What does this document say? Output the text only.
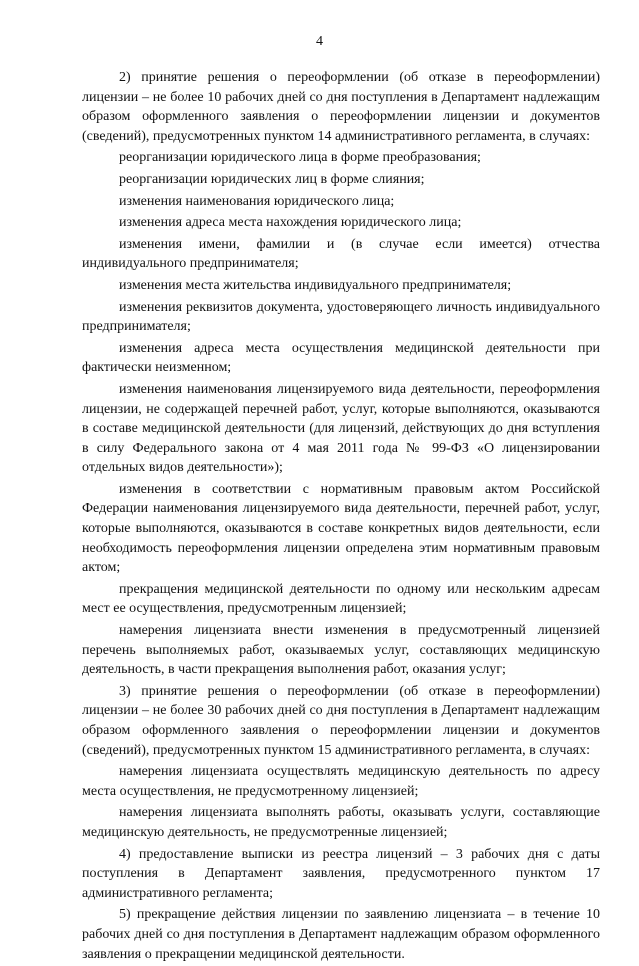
4

2) принятие решения о переоформлении (об отказе в переоформлении) лицензии – не более 10 рабочих дней со дня поступления в Департамент надлежащим образом оформленного заявления о переоформлении лицензии и документов (сведений), предусмотренных пунктом 14 административного регламента, в случаях:

реорганизации юридического лица в форме преобразования;

реорганизации юридических лиц в форме слияния;

изменения наименования юридического лица;

изменения адреса места нахождения юридического лица;

изменения имени, фамилии и (в случае если имеется) отчества индивидуального предпринимателя;

изменения места жительства индивидуального предпринимателя;

изменения реквизитов документа, удостоверяющего личность индивидуального предпринимателя;

изменения адреса места осуществления медицинской деятельности при фактически неизменном;

изменения наименования лицензируемого вида деятельности, переоформления лицензии, не содержащей перечней работ, услуг, которые выполняются, оказываются в составе медицинской деятельности (для лицензий, действующих до дня вступления в силу Федерального закона от 4 мая 2011 года № 99-ФЗ «О лицензировании отдельных видов деятельности»);

изменения в соответствии с нормативным правовым актом Российской Федерации наименования лицензируемого вида деятельности, перечней работ, услуг, которые выполняются, оказываются в составе конкретных видов деятельности, если необходимость переоформления лицензии определена этим нормативным правовым актом;

прекращения медицинской деятельности по одному или нескольким адресам мест ее осуществления, предусмотренным лицензией;

намерения лицензиата внести изменения в предусмотренный лицензией перечень выполняемых работ, оказываемых услуг, составляющих медицинскую деятельность, в части прекращения выполнения работ, оказания услуг;

3) принятие решения о переоформлении (об отказе в переоформлении) лицензии – не более 30 рабочих дней со дня поступления в Департамент надлежащим образом оформленного заявления о переоформлении лицензии и документов (сведений), предусмотренных пунктом 15 административного регламента, в случаях:

намерения лицензиата осуществлять медицинскую деятельность по адресу места осуществления, не предусмотренному лицензией;

намерения лицензиата выполнять работы, оказывать услуги, составляющие медицинскую деятельность, не предусмотренные лицензией;

4) предоставление выписки из реестра лицензий – 3 рабочих дня с даты поступления в Департамент заявления, предусмотренного пунктом 17 административного регламента;

5) прекращение действия лицензии по заявлению лицензиата – в течение 10 рабочих дней со дня поступления в Департамент надлежащим образом оформленного заявления о прекращении медицинской деятельности.
